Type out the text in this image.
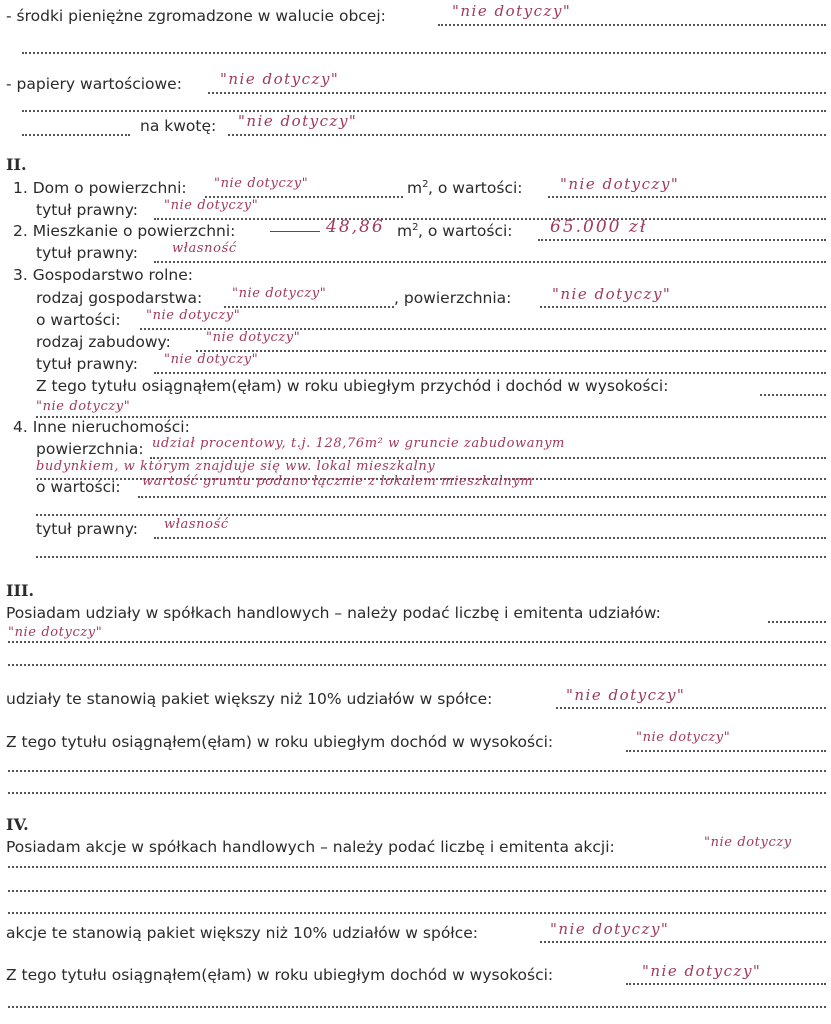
- środki pieniężne zgromadzone w walucie obcej:	"nie dotyczy"
- papiery wartościowe:	"nie dotyczy"
na kwotę: "nie dotyczy"
II.
1. Dom o powierzchni: "nie dotyczy"	$m^2$ , o wartości:	"nie dotyczy"
tytuł prawny: "nie dotyczy"
2. Mieszkanie o powierzchni:	48,86 $m^2$ , o wartości: 65.000 zł
tytuł prawny:	własność
3. Gospodarstwo rolne:
rodzaj gospodarstwa: "nie dotyczy"	, powierzchnia:	"nie dotyczy"
o wartości: "nie dotyczy"
rodzaj zabudowy:	"nie dotyczy"
tytuł prawny: "nie dotyczy"
Z tego tytułu osiągnąłem(ęłam) w roku ubiegłym przychód i dochód w wysokości:
"nie dotyczy"
4. Inne nieruchomości:
powierzchnia: udział procentowy, t.j. 128,76m² w gruncie zabudowanym
budynkiem, w którym znajduje się ww. lokal mieszkalny
o wartości: wartość gruntu podano łącznie z lokalem mieszkalnym
tytuł prawny: własność
III.
Posiadam udziały w spółkach handlowych – należy podać liczbę i emitenta udziałów:
"nie dotyczy"
udziały te stanowią pakiet większy niż 10% udziałów w spółce:	"nie dotyczy"
Z tego tytułu osiągnąłem(ęłam) w roku ubiegłym dochód w wysokości:	"nie dotyczy"
IV.
Posiadam akcje w spółkach handlowych – należy podać liczbę i emitenta akcji:	"nie dotyczy
akcje te stanowią pakiet większy niż 10% udziałów w spółce:	"nie dotyczy"
Z tego tytułu osiągnąłem(ęłam) w roku ubiegłym dochód w wysokości:	"nie dotyczy"
